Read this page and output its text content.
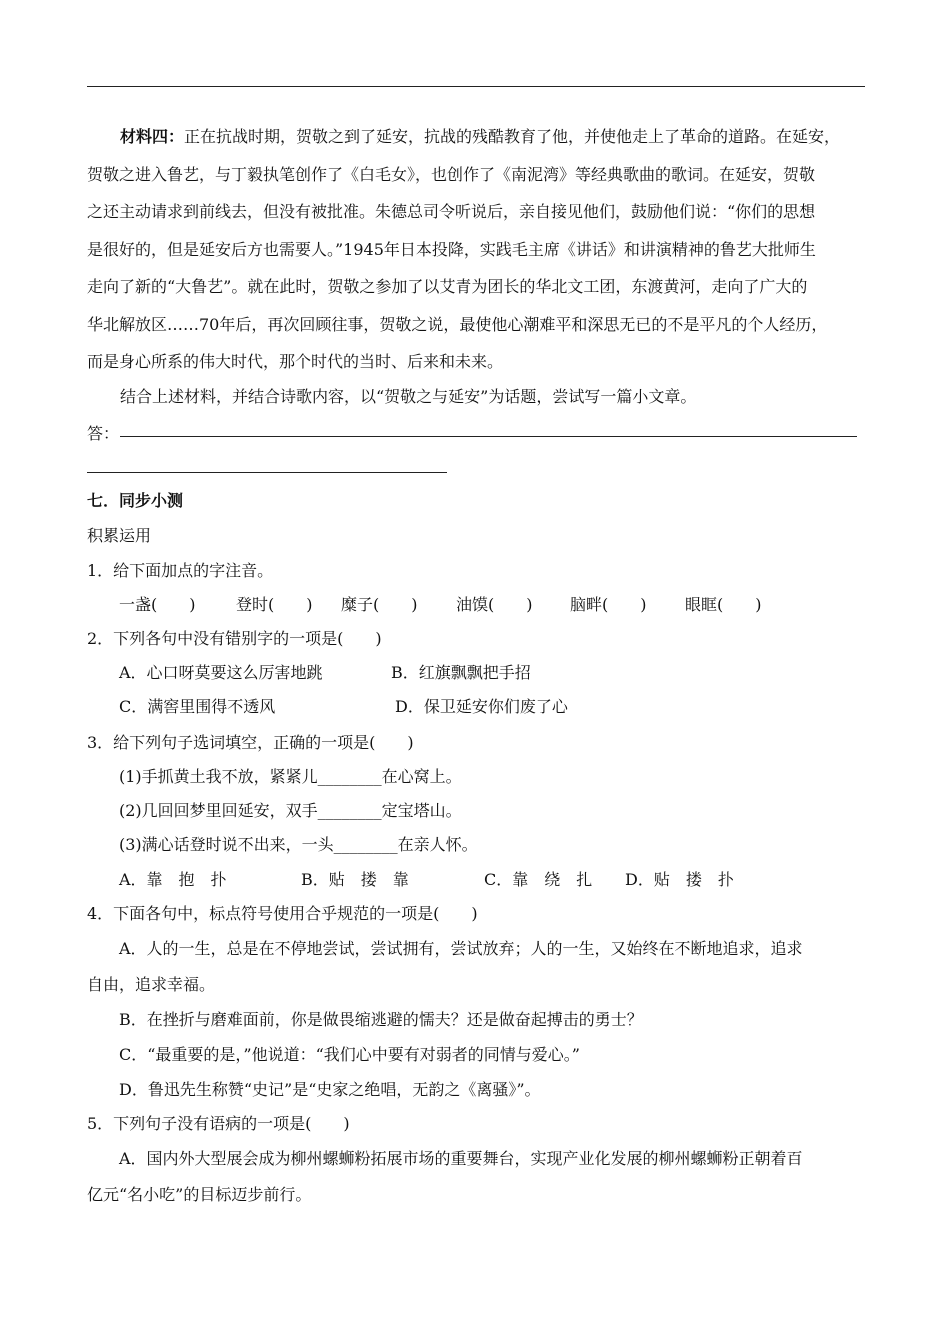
材料四：正在抗战时期，贺敬之到了延安，抗战的残酷教育了他，并使他走上了革命的道路。在延安，

贺敬之进入鲁艺，与丁毅执笔创作了《白毛女》，也创作了《南泥湾》等经典歌曲的歌词。在延安，贺敬

之还主动请求到前线去，但没有被批准。朱德总司令听说后，亲自接见他们，鼓励他们说：“你们的思想

是很好的，但是延安后方也需要人。”1945年日本投降，实践毛主席《讲话》和讲演精神的鲁艺大批师生

走向了新的“大鲁艺”。就在此时，贺敬之参加了以艾青为团长的华北文工团，东渡黄河，走向了广大的

华北解放区……70年后，再次回顾往事，贺敬之说，最使他心潮难平和深思无已的不是平凡的个人经历，

而是身心所系的伟大时代，那个时代的当时、后来和未来。

结合上述材料，并结合诗歌内容，以“贺敬之与延安”为话题，尝试写一篇小文章。
答：
七．同步小测
积累运用
1．给下面加点的字注音。
一盏(　　)	登时(　　) 糜子(　　) 油馍(　　) 脑畔(　　) 眼眶(　　)
2．下列各句中没有错别字的一项是(　　)
A．心口呀莫要这么厉害地跳	B．红旗飘飘把手招
C．满窖里围得不透风	D．保卫延安你们废了心
3．给下列句子选词填空，正确的一项是(　　)
(1)手抓黄土我不放，紧紧儿________在心窝上。
(2)几回回梦里回延安，双手________定宝塔山。
(3)满心话登时说不出来，一头________在亲人怀。
A．靠　抱　扑	B．贴　搂　靠	C．靠　绕　扎 D．贴　搂　扑
4．下面各句中，标点符号使用合乎规范的一项是(　　)
A．人的一生，总是在不停地尝试，尝试拥有，尝试放弃；人的一生，又始终在不断地追求，追求
自由，追求幸福。
B．在挫折与磨难面前，你是做畏缩逃避的懦夫？还是做奋起搏击的勇士？
C．“最重要的是，”他说道：“我们心中要有对弱者的同情与爱心。”
D．鲁迅先生称赞“史记”是“史家之绝唱，无韵之《离骚》”。
5．下列句子没有语病的一项是(　　)
A．国内外大型展会成为柳州螺蛳粉拓展市场的重要舞台，实现产业化发展的柳州螺蛳粉正朝着百
亿元“名小吃”的目标迈步前行。
